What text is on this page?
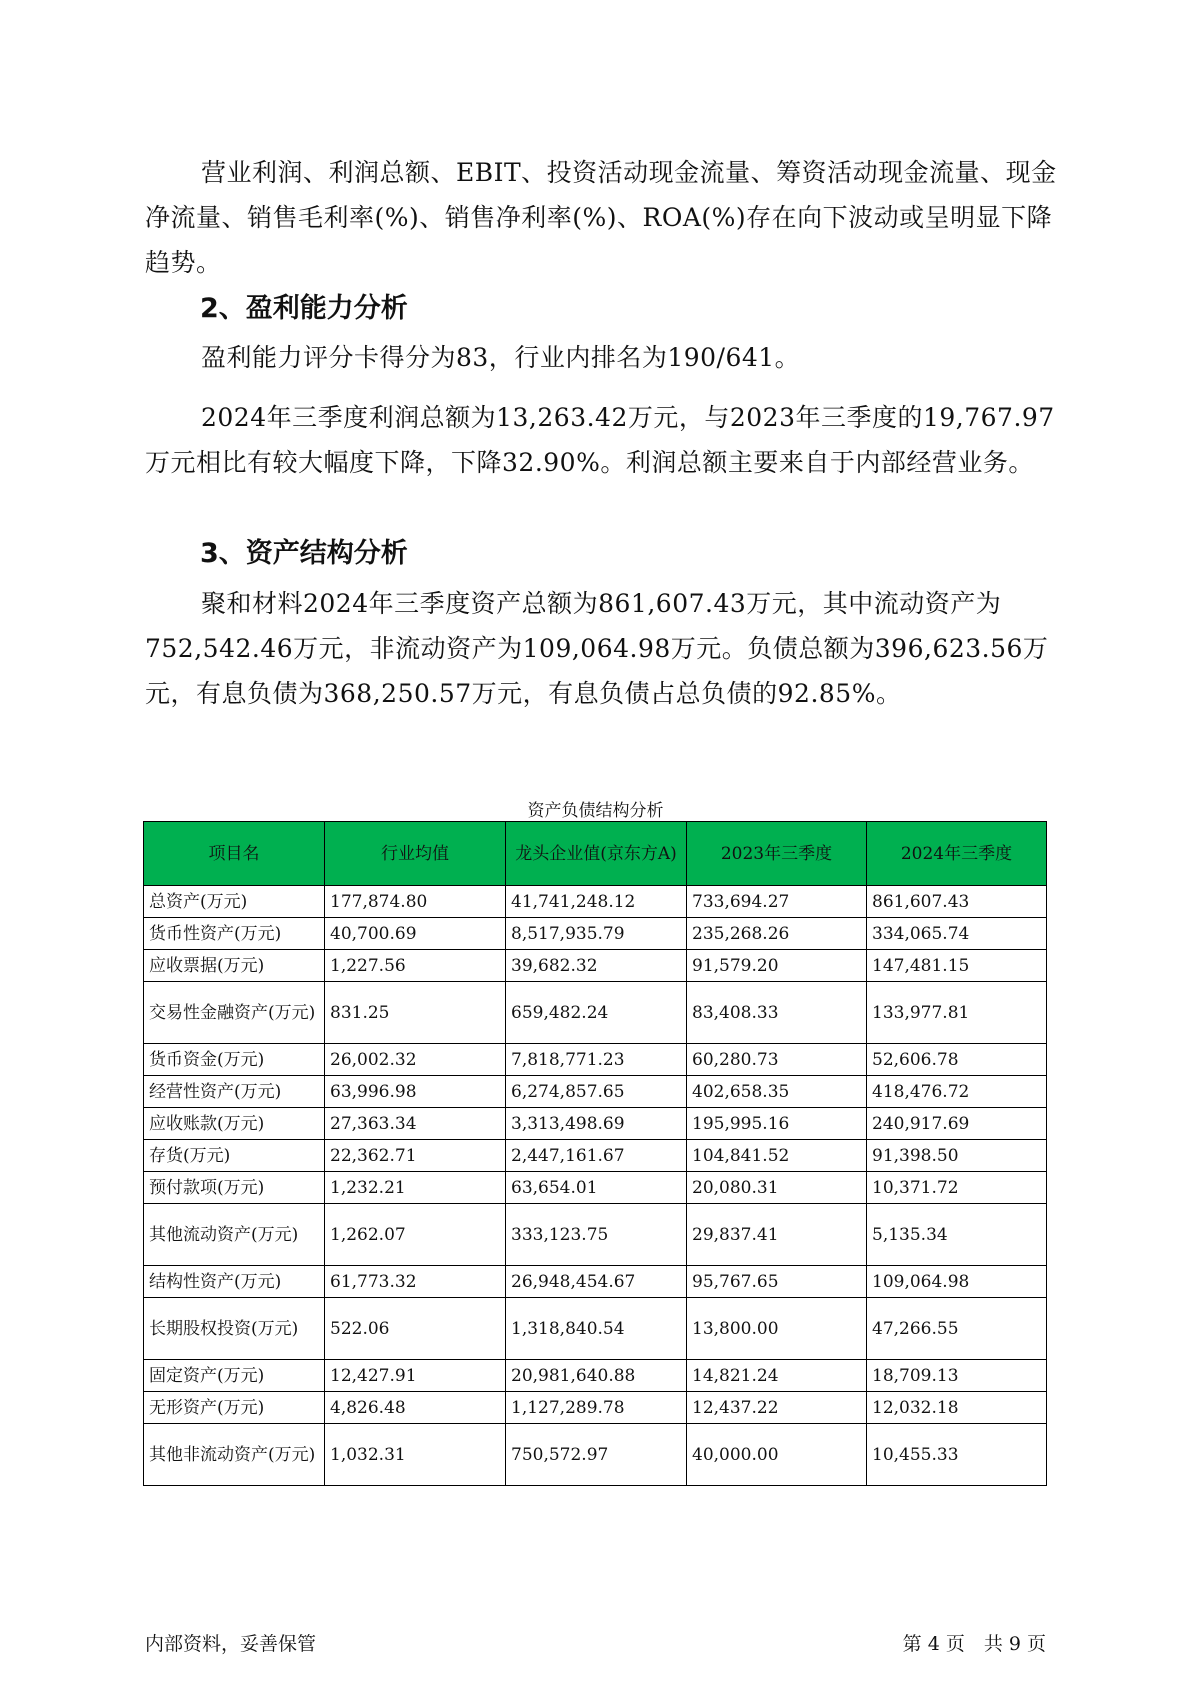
营业利润、利润总额、EBIT、投资活动现金流量、筹资活动现金流量、现金净流量、销售毛利率(%)、销售净利率(%)、ROA(%)存在向下波动或呈明显下降趋势。

2、盈利能力分析

盈利能力评分卡得分为83，行业内排名为190/641。

2024年三季度利润总额为13,263.42万元，与2023年三季度的19,767.97万元相比有较大幅度下降，下降32.90%。利润总额主要来自于内部经营业务。

3、资产结构分析

聚和材料2024年三季度资产总额为861,607.43万元，其中流动资产为752,542.46万元，非流动资产为109,064.98万元。负债总额为396,623.56万元，有息负债为368,250.57万元，有息负债占总负债的92.85%。

资产负债结构分析
项目名	行业均值	龙头企业值(京东方A)	2023年三季度	2024年三季度
总资产(万元)	177,874.80	41,741,248.12	733,694.27	861,607.43
货币性资产(万元)	40,700.69	8,517,935.79	235,268.26	334,065.74
应收票据(万元)	1,227.56	39,682.32	91,579.20	147,481.15
交易性金融资产(万元)	831.25	659,482.24	83,408.33	133,977.81
货币资金(万元)	26,002.32	7,818,771.23	60,280.73	52,606.78
经营性资产(万元)	63,996.98	6,274,857.65	402,658.35	418,476.72
应收账款(万元)	27,363.34	3,313,498.69	195,995.16	240,917.69
存货(万元)	22,362.71	2,447,161.67	104,841.52	91,398.50
预付款项(万元)	1,232.21	63,654.01	20,080.31	10,371.72
其他流动资产(万元)	1,262.07	333,123.75	29,837.41	5,135.34
结构性资产(万元)	61,773.32	26,948,454.67	95,767.65	109,064.98
长期股权投资(万元)	522.06	1,318,840.54	13,800.00	47,266.55
固定资产(万元)	12,427.91	20,981,640.88	14,821.24	18,709.13
无形资产(万元)	4,826.48	1,127,289.78	12,437.22	12,032.18
其他非流动资产(万元)	1,032.31	750,572.97	40,000.00	10,455.33
内部资料，妥善保管	第 4 页　共 9 页
